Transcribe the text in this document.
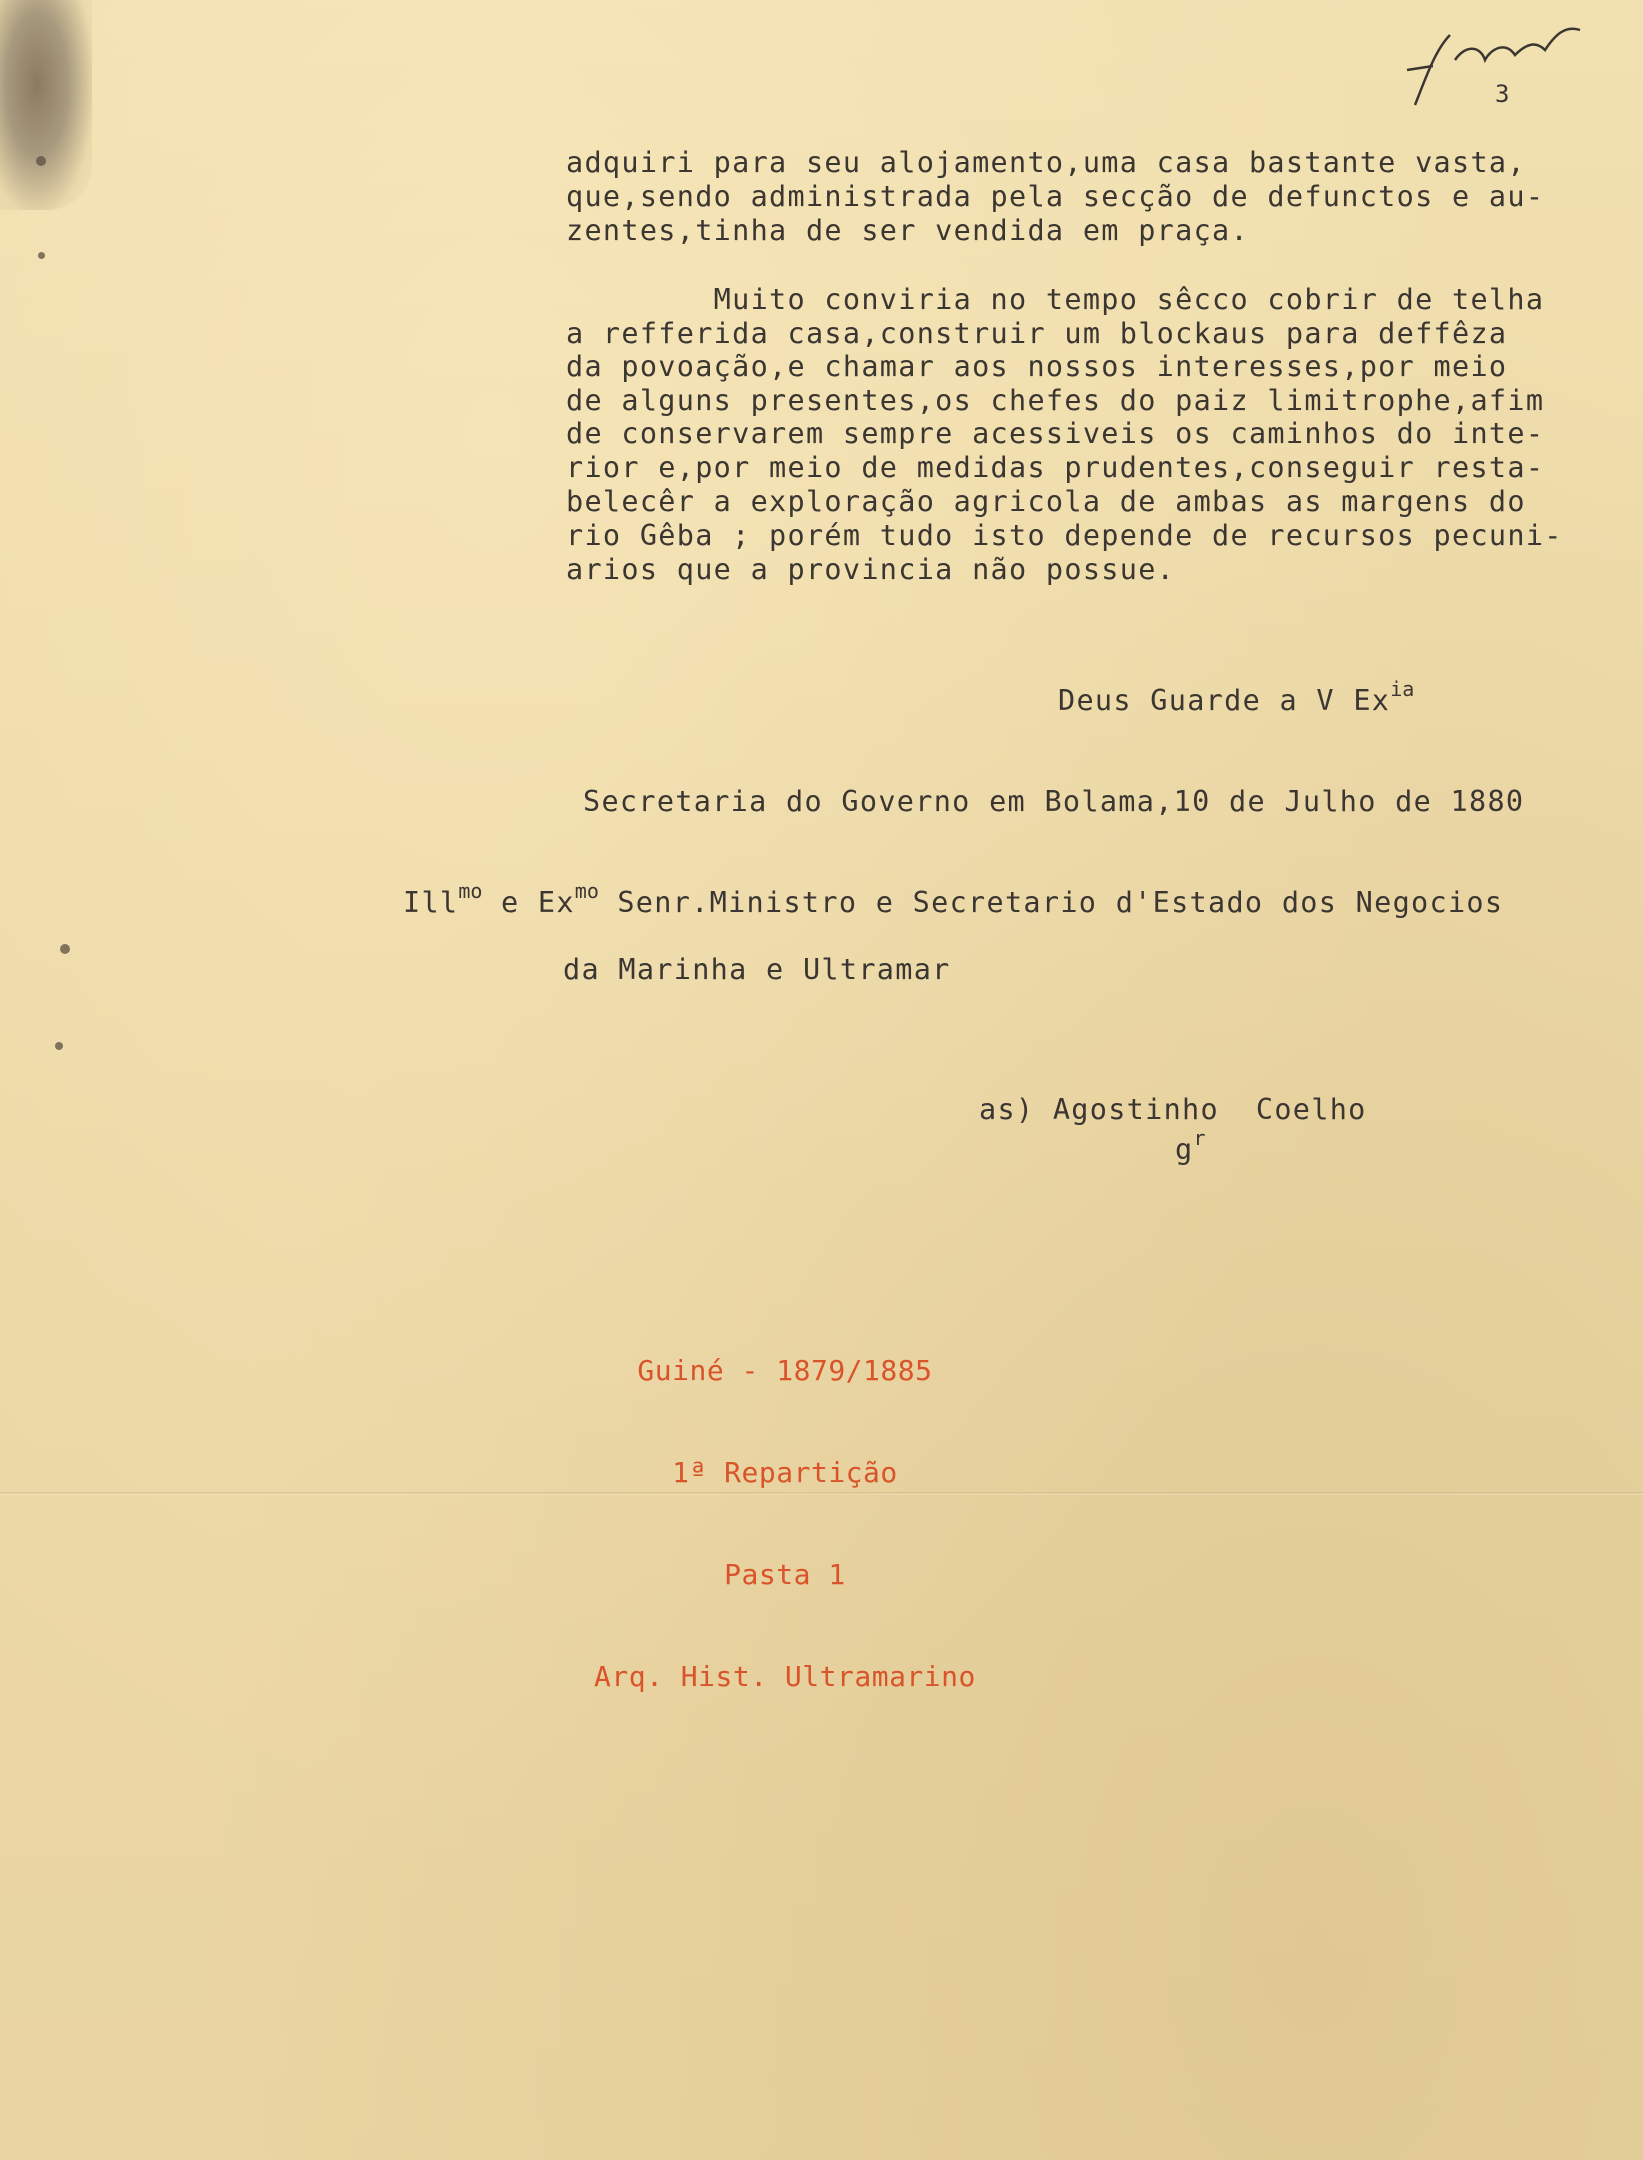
f. Ucalte
3
adquiri para seu alojamento,uma casa bastante vasta,
que,sendo administrada pela secção de defunctos e au-
zentes,tinha de ser vendida em praça.
Muito conviria no tempo sêcco cobrir de telha
a refferida casa,construir um blockaus para deffêza
da povoação,e chamar aos nossos interesses,por meio
de alguns presentes,os chefes do paiz limitrophe,afim
de conservarem sempre acessiveis os caminhos do inte-
rior e,por meio de medidas prudentes,conseguir resta-
belecêr a exploração agricola de ambas as margens do
rio Gêba ; porém tudo isto depende de recursos pecuni-
arios que a provincia não possue.
Deus Guarde a V $Ex^{ia}$
Secretaria do Governo em Bolama,10 de Julho de 1880
Ill$^{mo}$ e $Ex^{mo}$ Senr.Ministro e Secretario d'Estado dos Negocios
da Marinha e Ultramar
as) Agostinho  Coelho
$g^r$

Guiné - 1879/1885

1ª Repartição

Pasta 1

Arq. Hist. Ultramarino
